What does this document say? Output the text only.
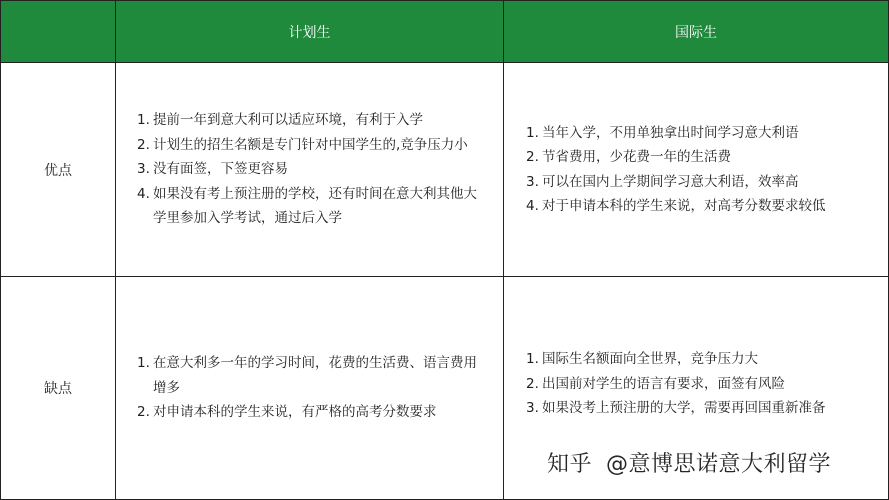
计划生	国际生
优点
1. 提前一年到意大利可以适应环境，有利于入学
2. 计划生的招生名额是专门针对中国学生的,竞争压力小
3. 没有面签，下签更容易
4. 如果没有考上预注册的学校，还有时间在意大利其他大学里参加入学考试，通过后入学
1. 当年入学，不用单独拿出时间学习意大利语
2. 节省费用，少花费一年的生活费
3. 可以在国内上学期间学习意大利语，效率高
4. 对于申请本科的学生来说，对高考分数要求较低
缺点
1. 在意大利多一年的学习时间，花费的生活费、语言费用增多
2. 对申请本科的学生来说，有严格的高考分数要求
1. 国际生名额面向全世界，竞争压力大
2. 出国前对学生的语言有要求，面签有风险
3. 如果没考上预注册的大学，需要再回国重新准备
知乎 @意博思诺意大利留学
